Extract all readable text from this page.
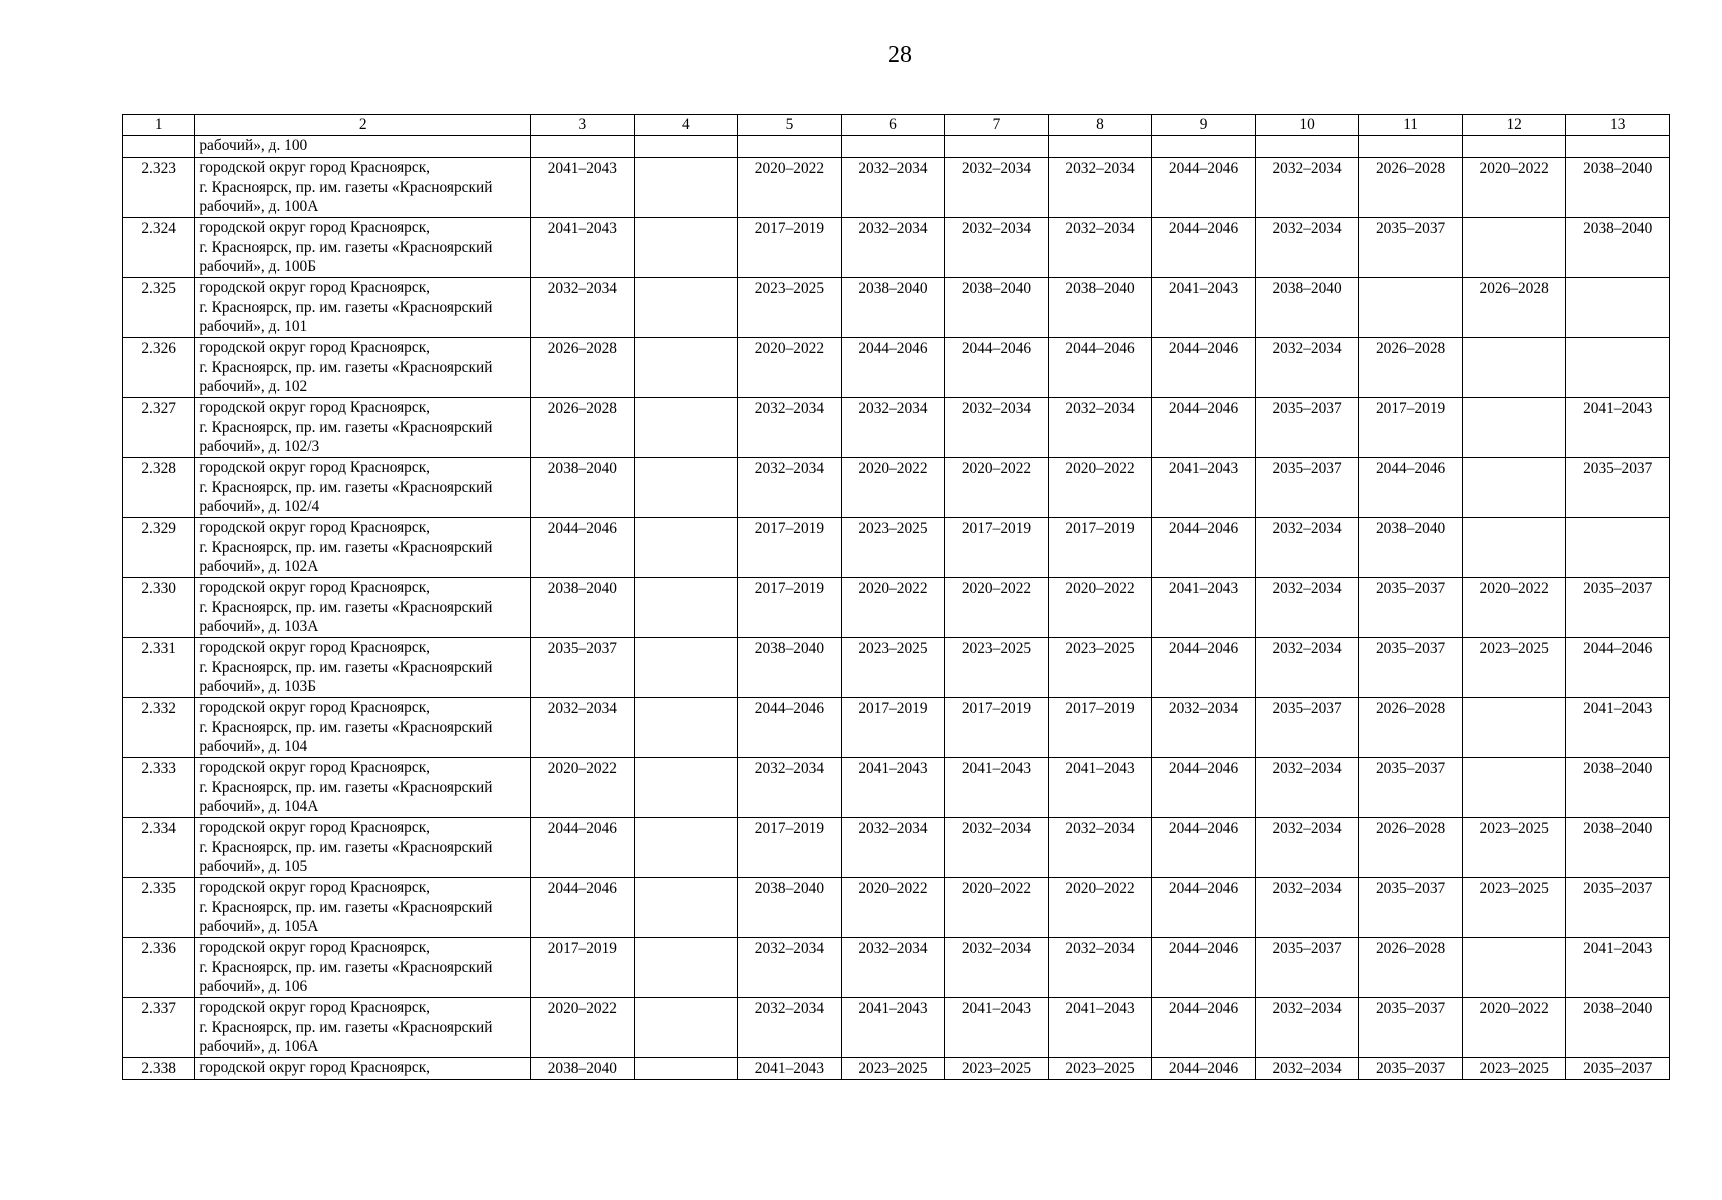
28
1	2	3	4	5	6	7	8	9	10	11	12	13

	рабочий», д. 100											

2.323	городской округ город Красноярск,
г. Красноярск, пр. им. газеты «Красноярский
рабочий», д. 100А	2041–2043		2020–2022	2032–2034	2032–2034	2032–2034	2044–2046	2032–2034	2026–2028	2020–2022	2038–2040
2.324	городской округ город Красноярск,
г. Красноярск, пр. им. газеты «Красноярский
рабочий», д. 100Б	2041–2043		2017–2019	2032–2034	2032–2034	2032–2034	2044–2046	2032–2034	2035–2037		2038–2040
2.325	городской округ город Красноярск,
г. Красноярск, пр. им. газеты «Красноярский
рабочий», д. 101	2032–2034		2023–2025	2038–2040	2038–2040	2038–2040	2041–2043	2038–2040		2026–2028	
2.326	городской округ город Красноярск,
г. Красноярск, пр. им. газеты «Красноярский
рабочий», д. 102	2026–2028		2020–2022	2044–2046	2044–2046	2044–2046	2044–2046	2032–2034	2026–2028		
2.327	городской округ город Красноярск,
г. Красноярск, пр. им. газеты «Красноярский
рабочий», д. 102/3	2026–2028		2032–2034	2032–2034	2032–2034	2032–2034	2044–2046	2035–2037	2017–2019		2041–2043
2.328	городской округ город Красноярск,
г. Красноярск, пр. им. газеты «Красноярский
рабочий», д. 102/4	2038–2040		2032–2034	2020–2022	2020–2022	2020–2022	2041–2043	2035–2037	2044–2046		2035–2037
2.329	городской округ город Красноярск,
г. Красноярск, пр. им. газеты «Красноярский
рабочий», д. 102А	2044–2046		2017–2019	2023–2025	2017–2019	2017–2019	2044–2046	2032–2034	2038–2040		
2.330	городской округ город Красноярск,
г. Красноярск, пр. им. газеты «Красноярский
рабочий», д. 103А	2038–2040		2017–2019	2020–2022	2020–2022	2020–2022	2041–2043	2032–2034	2035–2037	2020–2022	2035–2037
2.331	городской округ город Красноярск,
г. Красноярск, пр. им. газеты «Красноярский
рабочий», д. 103Б	2035–2037		2038–2040	2023–2025	2023–2025	2023–2025	2044–2046	2032–2034	2035–2037	2023–2025	2044–2046
2.332	городской округ город Красноярск,
г. Красноярск, пр. им. газеты «Красноярский
рабочий», д. 104	2032–2034		2044–2046	2017–2019	2017–2019	2017–2019	2032–2034	2035–2037	2026–2028		2041–2043
2.333	городской округ город Красноярск,
г. Красноярск, пр. им. газеты «Красноярский
рабочий», д. 104А	2020–2022		2032–2034	2041–2043	2041–2043	2041–2043	2044–2046	2032–2034	2035–2037		2038–2040
2.334	городской округ город Красноярск,
г. Красноярск, пр. им. газеты «Красноярский
рабочий», д. 105	2044–2046		2017–2019	2032–2034	2032–2034	2032–2034	2044–2046	2032–2034	2026–2028	2023–2025	2038–2040
2.335	городской округ город Красноярск,
г. Красноярск, пр. им. газеты «Красноярский
рабочий», д. 105А	2044–2046		2038–2040	2020–2022	2020–2022	2020–2022	2044–2046	2032–2034	2035–2037	2023–2025	2035–2037
2.336	городской округ город Красноярск,
г. Красноярск, пр. им. газеты «Красноярский
рабочий», д. 106	2017–2019		2032–2034	2032–2034	2032–2034	2032–2034	2044–2046	2035–2037	2026–2028		2041–2043
2.337	городской округ город Красноярск,
г. Красноярск, пр. им. газеты «Красноярский
рабочий», д. 106А	2020–2022		2032–2034	2041–2043	2041–2043	2041–2043	2044–2046	2032–2034	2035–2037	2020–2022	2038–2040
2.338	городской округ город Красноярск,	2038–2040		2041–2043	2023–2025	2023–2025	2023–2025	2044–2046	2032–2034	2035–2037	2023–2025	2035–2037
